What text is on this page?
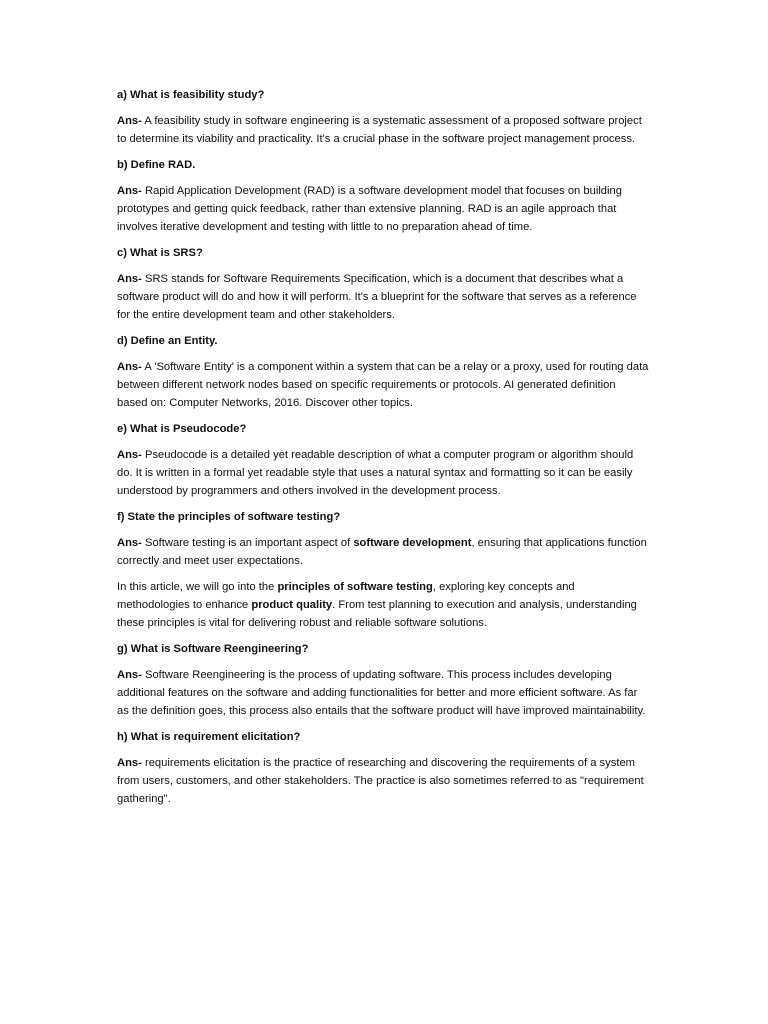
a) What is feasibility study?

Ans- A feasibility study in software engineering is a systematic assessment of a proposed software project to determine its viability and practicality. It's a crucial phase in the software project management process.

b) Define RAD.

Ans- Rapid Application Development (RAD) is a software development model that focuses on building prototypes and getting quick feedback, rather than extensive planning. RAD is an agile approach that involves iterative development and testing with little to no preparation ahead of time.

c) What is SRS?

Ans- SRS stands for Software Requirements Specification, which is a document that describes what a software product will do and how it will perform. It's a blueprint for the software that serves as a reference for the entire development team and other stakeholders.

d) Define an Entity.

Ans- A 'Software Entity' is a component within a system that can be a relay or a proxy, used for routing data between different network nodes based on specific requirements or protocols. AI generated definition based on: Computer Networks, 2016. Discover other topics.

e) What is Pseudocode?

Ans- Pseudocode is a detailed yet readable description of what a computer program or algorithm should do. It is written in a formal yet readable style that uses a natural syntax and formatting so it can be easily understood by programmers and others involved in the development process.

f) State the principles of software testing?

Ans- Software testing is an important aspect of software development, ensuring that applications function correctly and meet user expectations.

In this article, we will go into the principles of software testing, exploring key concepts and methodologies to enhance product quality. From test planning to execution and analysis, understanding these principles is vital for delivering robust and reliable software solutions.

g) What is Software Reengineering?

Ans- Software Reengineering is the process of updating software. This process includes developing additional features on the software and adding functionalities for better and more efficient software. As far as the definition goes, this process also entails that the software product will have improved maintainability.

h) What is requirement elicitation?

Ans- requirements elicitation is the practice of researching and discovering the requirements of a system from users, customers, and other stakeholders. The practice is also sometimes referred to as "requirement gathering".
